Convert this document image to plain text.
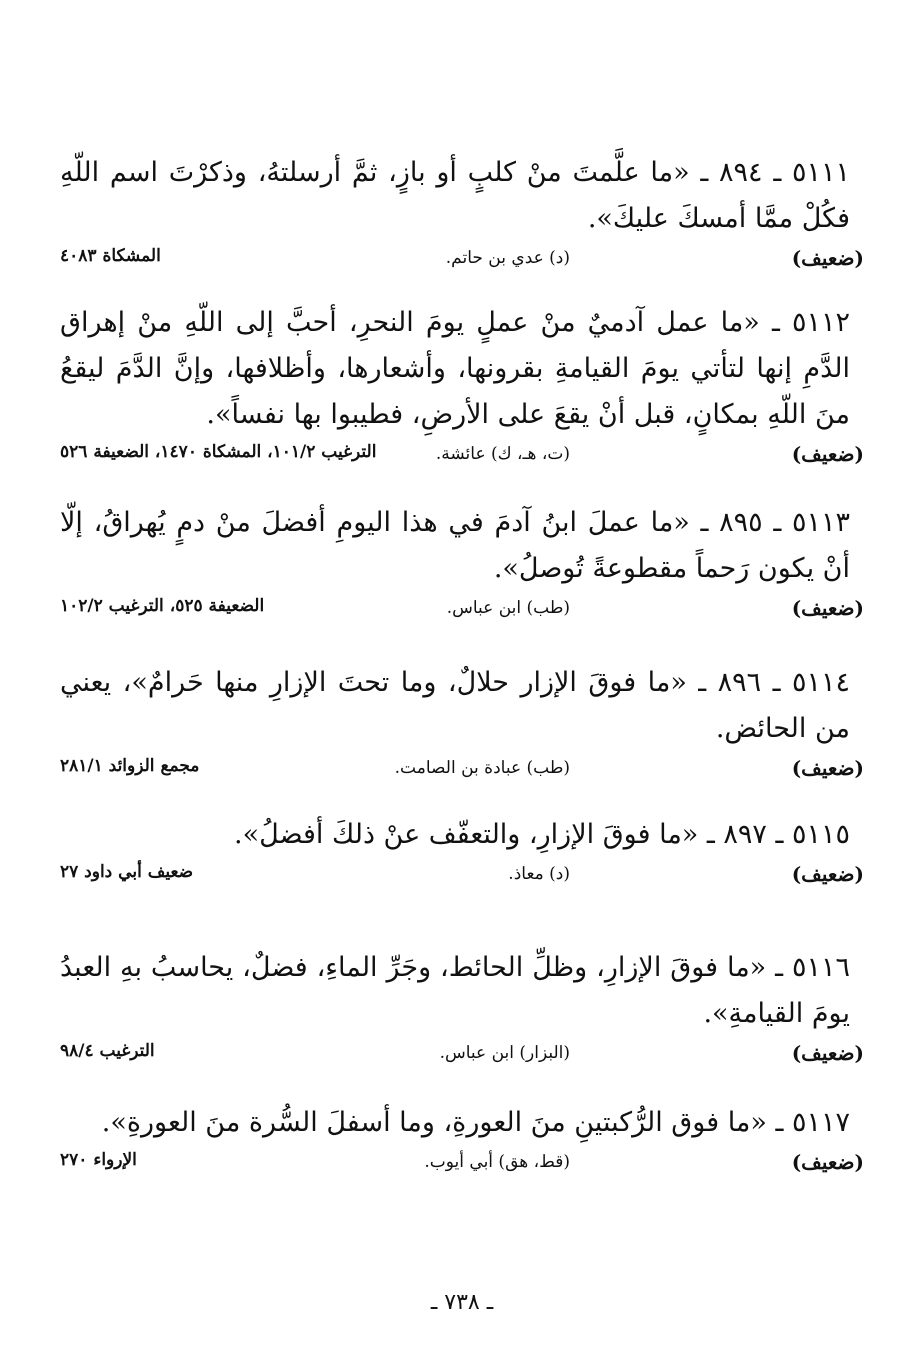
٥١١١ ـ ٨٩٤ ـ «ما علَّمتَ منْ كلبٍ أو بازٍ، ثمَّ أرسلتهُ، وذكرْتَ اسم اللّهِ فكُلْ ممَّا أمسكَ عليكَ».

(ضعيف)
(د) عدي بن حاتم.
المشكاة ٤٠٨٣

٥١١٢ ـ «ما عمل آدميٌ منْ عملٍ يومَ النحرِ، أحبَّ إلى اللّهِ منْ إهراق الدَّمِ إنها لتأتي يومَ القيامةِ بقرونها، وأشعارها، وأظلافها، وإنَّ الدَّمَ ليقعُ منَ اللّهِ بمكانٍ، قبل أنْ يقعَ على الأرضِ، فطيبوا بها نفساً».

(ضعيف)
(ت، هـ، ك) عائشة.
الترغيب ١٠١/٢، المشكاة ١٤٧٠، الضعيفة ٥٢٦

٥١١٣ ـ ٨٩٥ ـ «ما عملَ ابنُ آدمَ في هذا اليومِ أفضلَ منْ دمٍ يُهراقُ، إلّا أنْ يكون رَحماً مقطوعةً تُوصلُ».

(ضعيف)
(طب) ابن عباس.
الضعيفة ٥٢٥، الترغيب ١٠٢/٢

٥١١٤ ـ ٨٩٦ ـ «ما فوقَ الإزار حلالٌ، وما تحتَ الإزارِ منها حَرامٌ»، يعني من الحائض.

(ضعيف)
(طب) عبادة بن الصامت.
مجمع الزوائد ٢٨١/١

٥١١٥ ـ ٨٩٧ ـ «ما فوقَ الإزارِ، والتعفّف عنْ ذلكَ أفضلُ».

(ضعيف)
(د) معاذ.
ضعيف أبي داود ٢٧

٥١١٦ ـ «ما فوقَ الإزارِ، وظلِّ الحائط، وجَرِّ الماءِ، فضلٌ، يحاسبُ بهِ العبدُ يومَ القيامةِ».

(ضعيف)
(البزار) ابن عباس.
الترغيب ٩٨/٤

٥١١٧ ـ «ما فوق الرُّكبتينِ منَ العورةِ، وما أسفلَ السُّرة منَ العورةِ».

(ضعيف)
(قط، هق) أبي أيوب.
الإرواء ٢٧٠
ـ ٧٣٨ ـ
